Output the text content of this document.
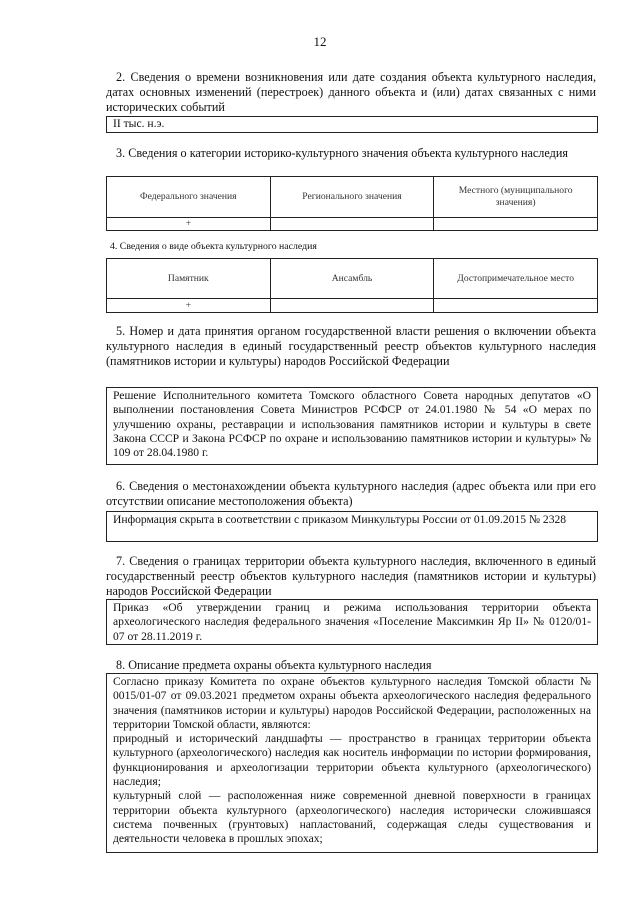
12
2. Сведения о времени возникновения или дате создания объекта культурного наследия, датах основных изменений (перестроек) данного объекта и (или) датах связанных с ними исторических событий
II тыс. н.э.
3. Сведения о категории историко-культурного значения объекта культурного наследия
Федерального значения	Регионального значения	Местного (муниципального значения)
+		
4. Сведения о виде объекта культурного наследия
Памятник	Ансамбль	Достопримечательное место
+		
5. Номер и дата принятия органом государственной власти решения о включении объекта культурного наследия в единый государственный реестр объектов культурного наследия (памятников истории и культуры) народов Российской Федерации
Решение Исполнительного комитета Томского областного Совета народных депутатов «О выполнении постановления Совета Министров РСФСР от 24.01.1980 № 54 «О мерах по улучшению охраны, реставрации и использования памятников истории и культуры в свете Закона СССР и Закона РСФСР по охране и использованию памятников истории и культуры» № 109 от 28.04.1980 г.
6. Сведения о местонахождении объекта культурного наследия (адрес объекта или при его отсутствии описание местоположения объекта)
Информация скрыта в соответствии с приказом Минкультуры России от 01.09.2015 № 2328
7. Сведения о границах территории объекта культурного наследия, включенного в единый государственный реестр объектов культурного наследия (памятников истории и культуры) народов Российской Федерации
Приказ «Об утверждении границ и режима использования территории объекта археологического наследия федерального значения «Поселение Максимкин Яр II» № 0120/01-07 от 28.11.2019 г.
8. Описание предмета охраны объекта культурного наследия
Согласно приказу Комитета по охране объектов культурного наследия Томской области № 0015/01-07 от 09.03.2021 предметом охраны объекта археологического наследия федерального значения (памятников истории и культуры) народов Российской Федерации, расположенных на территории Томской области, являются:
природный и исторический ландшафты — пространство в границах территории объекта культурного (археологического) наследия как носитель информации по истории формирования, функционирования и археологизации территории объекта культурного (археологического) наследия;
культурный слой — расположенная ниже современной дневной поверхности в границах территории объекта культурного (археологического) наследия исторически сложившаяся система почвенных (грунтовых) напластований, содержащая следы существования и деятельности человека в прошлых эпохах;
